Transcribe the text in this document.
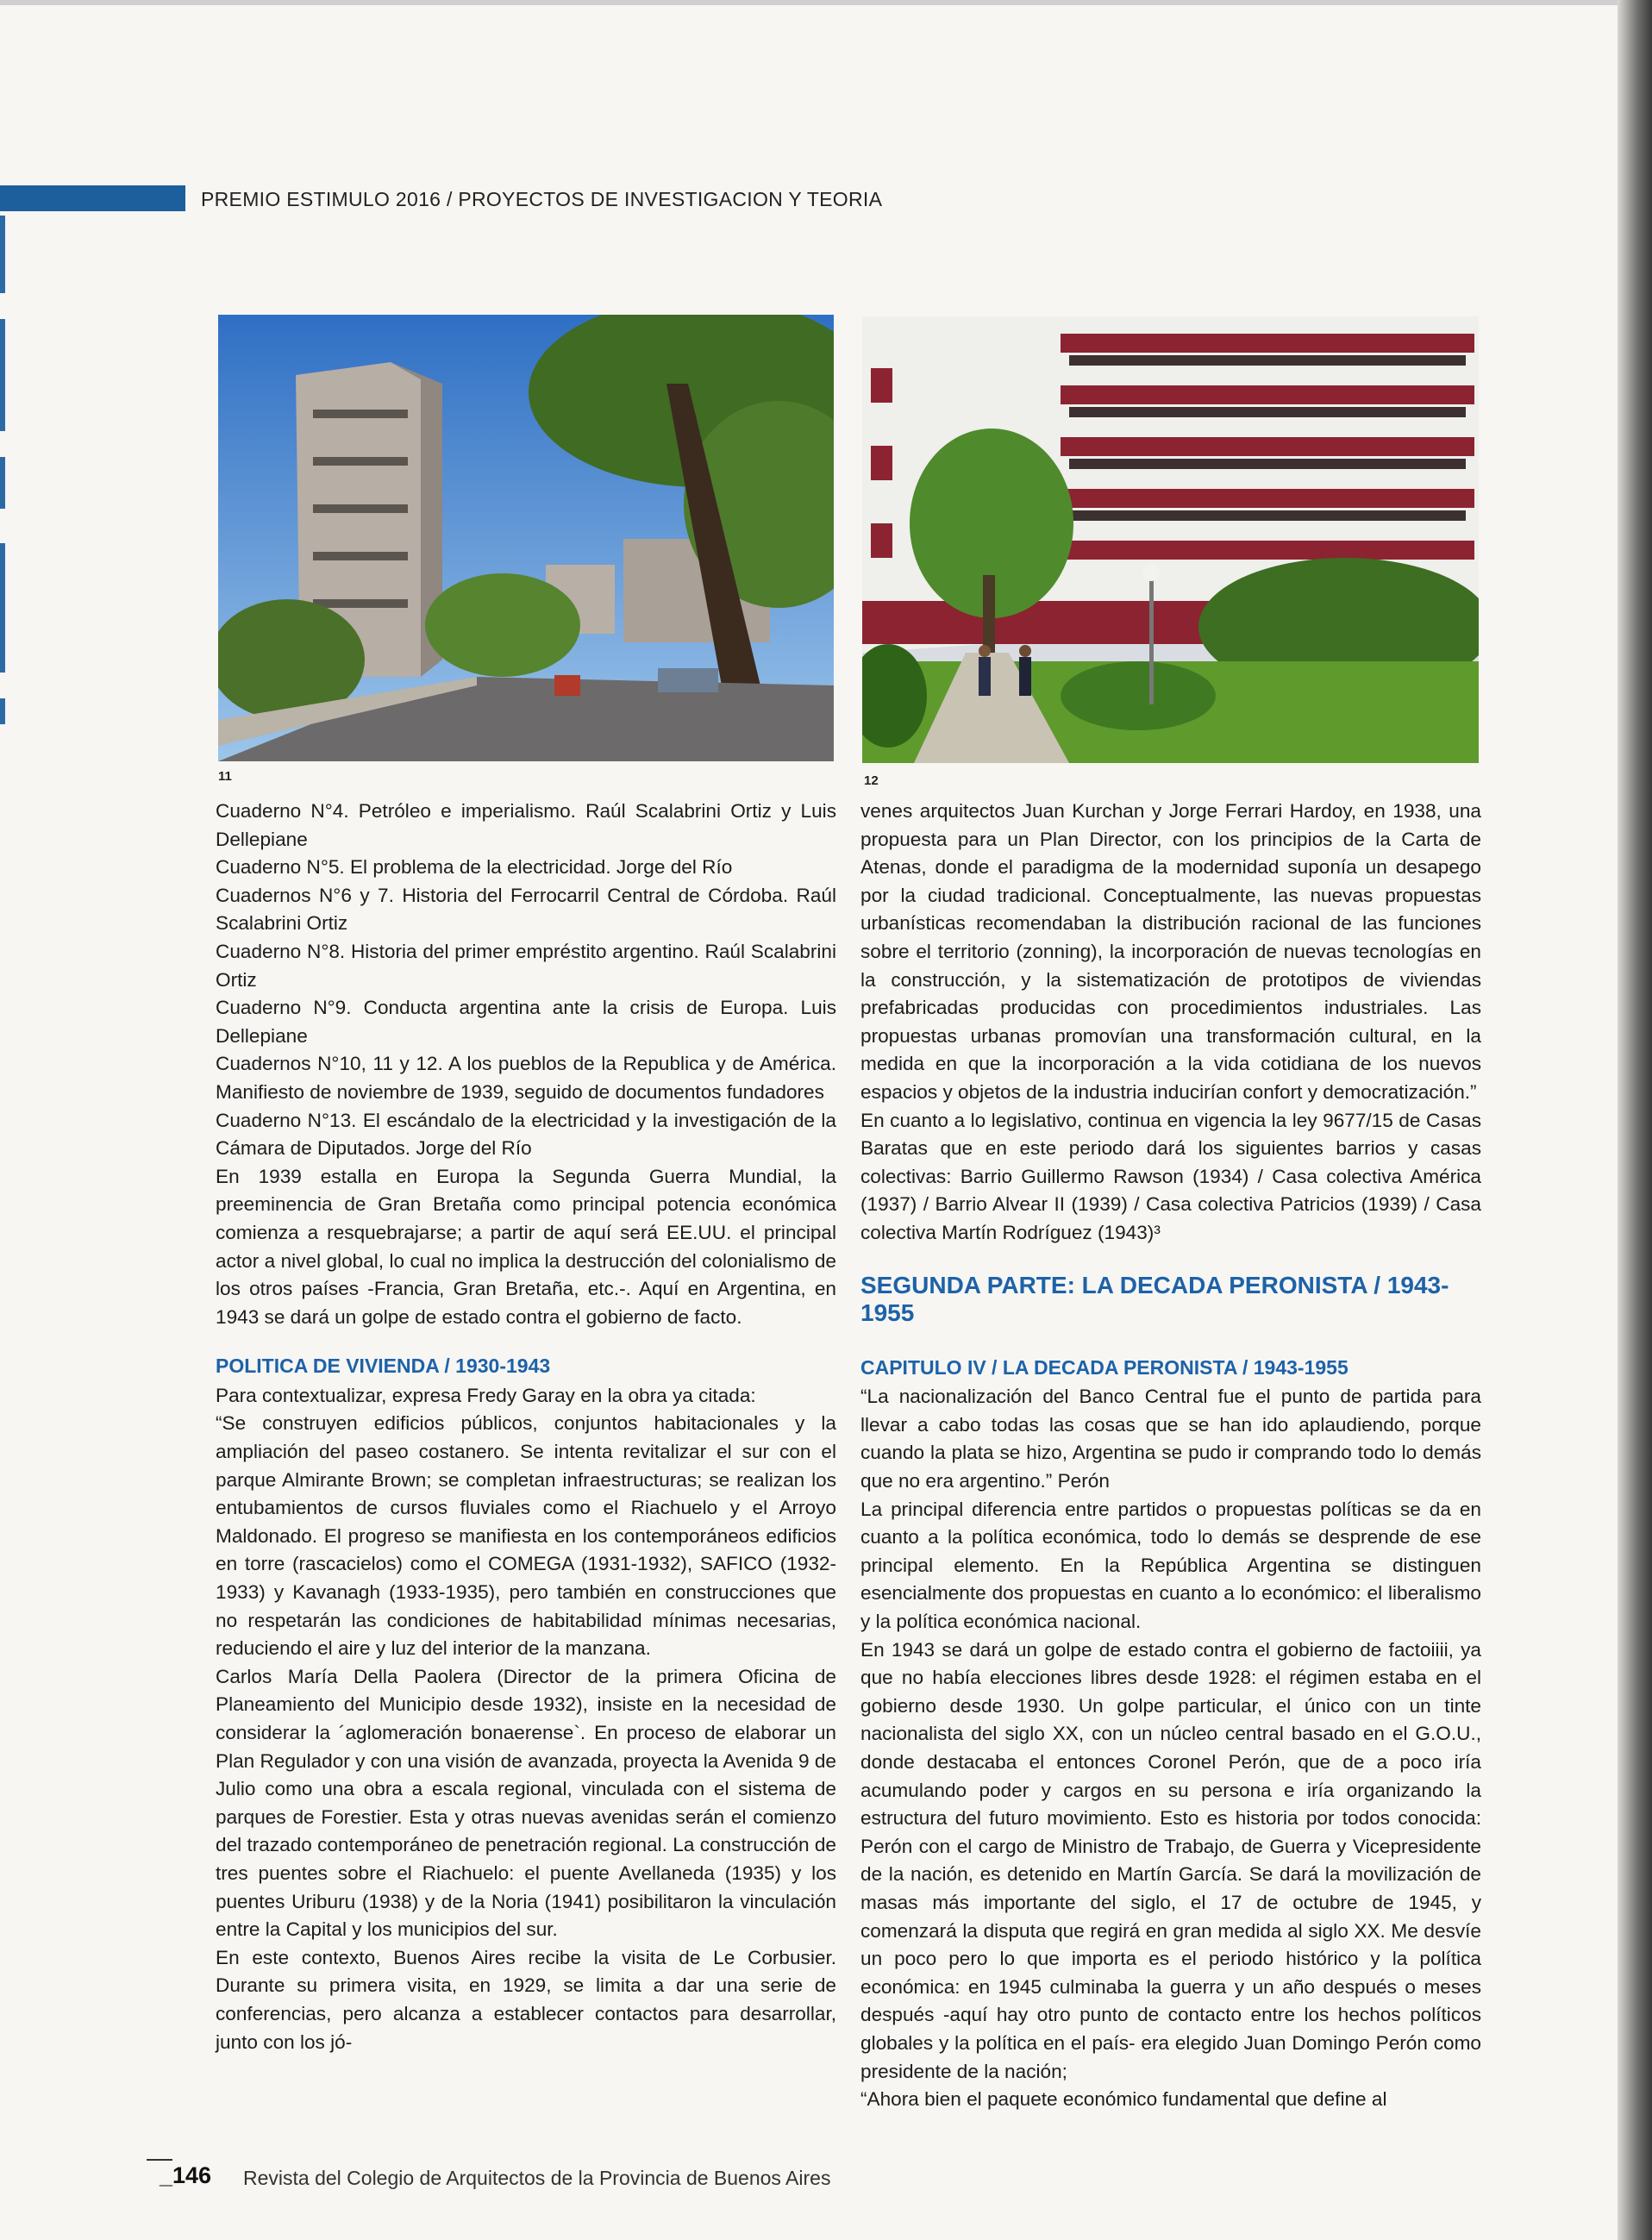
PREMIO ESTIMULO 2016 / PROYECTOS DE INVESTIGACION Y TEORIA
11	12

Cuaderno N°4. Petróleo e imperialismo. Raúl Scalabrini Ortiz y Luis Dellepiane

Cuaderno N°5. El problema de la electricidad. Jorge del Río

Cuadernos N°6 y 7. Historia del Ferrocarril Central de Córdoba. Raúl Scalabrini Ortiz

Cuaderno N°8. Historia del primer empréstito argentino. Raúl Scalabrini Ortiz

Cuaderno N°9. Conducta argentina ante la crisis de Europa. Luis Dellepiane

Cuadernos N°10, 11 y 12. A los pueblos de la Republica y de América. Manifiesto de noviembre de 1939, seguido de documentos fundadores

Cuaderno N°13. El escándalo de la electricidad y la investigación de la Cámara de Diputados. Jorge del Río

En 1939 estalla en Europa la Segunda Guerra Mundial, la preeminencia de Gran Bretaña como principal potencia económica comienza a resquebrajarse; a partir de aquí será EE.UU. el principal actor a nivel global, lo cual no implica la destrucción del colonialismo de los otros países -Francia, Gran Bretaña, etc.-. Aquí en Argentina, en 1943 se dará un golpe de estado contra el gobierno de facto.

POLITICA DE VIVIENDA / 1930-1943

Para contextualizar, expresa Fredy Garay en la obra ya citada:

“Se construyen edificios públicos, conjuntos habitacionales y la ampliación del paseo costanero. Se intenta revitalizar el sur con el parque Almirante Brown; se completan infraestructuras; se realizan los entubamientos de cursos fluviales como el Riachuelo y el Arroyo Maldonado. El progreso se manifiesta en los contemporáneos edificios en torre (rascacielos) como el COMEGA (1931-1932), SAFICO (1932-1933) y Kavanagh (1933-1935), pero también en construcciones que no respetarán las condiciones de habitabilidad mínimas necesarias, reduciendo el aire y luz del interior de la manzana.

Carlos María Della Paolera (Director de la primera Oficina de Planeamiento del Municipio desde 1932), insiste en la necesidad de considerar la ´aglomeración bonaerense`. En proceso de elaborar un Plan Regulador y con una visión de avanzada, proyecta la Avenida 9 de Julio como una obra a escala regional, vinculada con el sistema de parques de Forestier. Esta y otras nuevas avenidas serán el comienzo del trazado contemporáneo de penetración regional. La construcción de tres puentes sobre el Riachuelo: el puente Avellaneda (1935) y los puentes Uriburu (1938) y de la Noria (1941) posibilitaron la vinculación entre la Capital y los municipios del sur.

En este contexto, Buenos Aires recibe la visita de Le Corbusier. Durante su primera visita, en 1929, se limita a dar una serie de conferencias, pero alcanza a establecer contactos para desarrollar, junto con los jó-

venes arquitectos Juan Kurchan y Jorge Ferrari Hardoy, en 1938, una propuesta para un Plan Director, con los principios de la Carta de Atenas, donde el paradigma de la modernidad suponía un desapego por la ciudad tradicional. Conceptualmente, las nuevas propuestas urbanísticas recomendaban la distribución racional de las funciones sobre el territorio (zonning), la incorporación de nuevas tecnologías en la construcción, y la sistematización de prototipos de viviendas prefabricadas producidas con procedimientos industriales. Las propuestas urbanas promovían una transformación cultural, en la medida en que la incorporación a la vida cotidiana de los nuevos espacios y objetos de la industria inducirían confort y democratización.”

En cuanto a lo legislativo, continua en vigencia la ley 9677/15 de Casas Baratas que en este periodo dará los siguientes barrios y casas colectivas: Barrio Guillermo Rawson (1934) / Casa colectiva América (1937) / Barrio Alvear II (1939) / Casa colectiva Patricios (1939) / Casa colectiva Martín Rodríguez (1943)³

SEGUNDA PARTE: LA DECADA PERONISTA / 1943-1955
CAPITULO IV / LA DECADA PERONISTA / 1943-1955

“La nacionalización del Banco Central fue el punto de partida para llevar a cabo todas las cosas que se han ido aplaudiendo, porque cuando la plata se hizo, Argentina se pudo ir comprando todo lo demás que no era argentino.” Perón

La principal diferencia entre partidos o propuestas políticas se da en cuanto a la política económica, todo lo demás se desprende de ese principal elemento. En la República Argentina se distinguen esencialmente dos propuestas en cuanto a lo económico: el liberalismo y la política económica nacional.

En 1943 se dará un golpe de estado contra el gobierno de factoiiii, ya que no había elecciones libres desde 1928: el régimen estaba en el gobierno desde 1930. Un golpe particular, el único con un tinte nacionalista del siglo XX, con un núcleo central basado en el G.O.U., donde destacaba el entonces Coronel Perón, que de a poco iría acumulando poder y cargos en su persona e iría organizando la estructura del futuro movimiento. Esto es historia por todos conocida: Perón con el cargo de Ministro de Trabajo, de Guerra y Vicepresidente de la nación, es detenido en Martín García. Se dará la movilización de masas más importante del siglo, el 17 de octubre de 1945, y comenzará la disputa que regirá en gran medida al siglo XX. Me desvíe un poco pero lo que importa es el periodo histórico y la política económica: en 1945 culminaba la guerra y un año después o meses después -aquí hay otro punto de contacto entre los hechos políticos globales y la política en el país- era elegido Juan Domingo Perón como presidente de la nación;

“Ahora bien el paquete económico fundamental que define al

_146 Revista del Colegio de Arquitectos de la Provincia de Buenos Aires
